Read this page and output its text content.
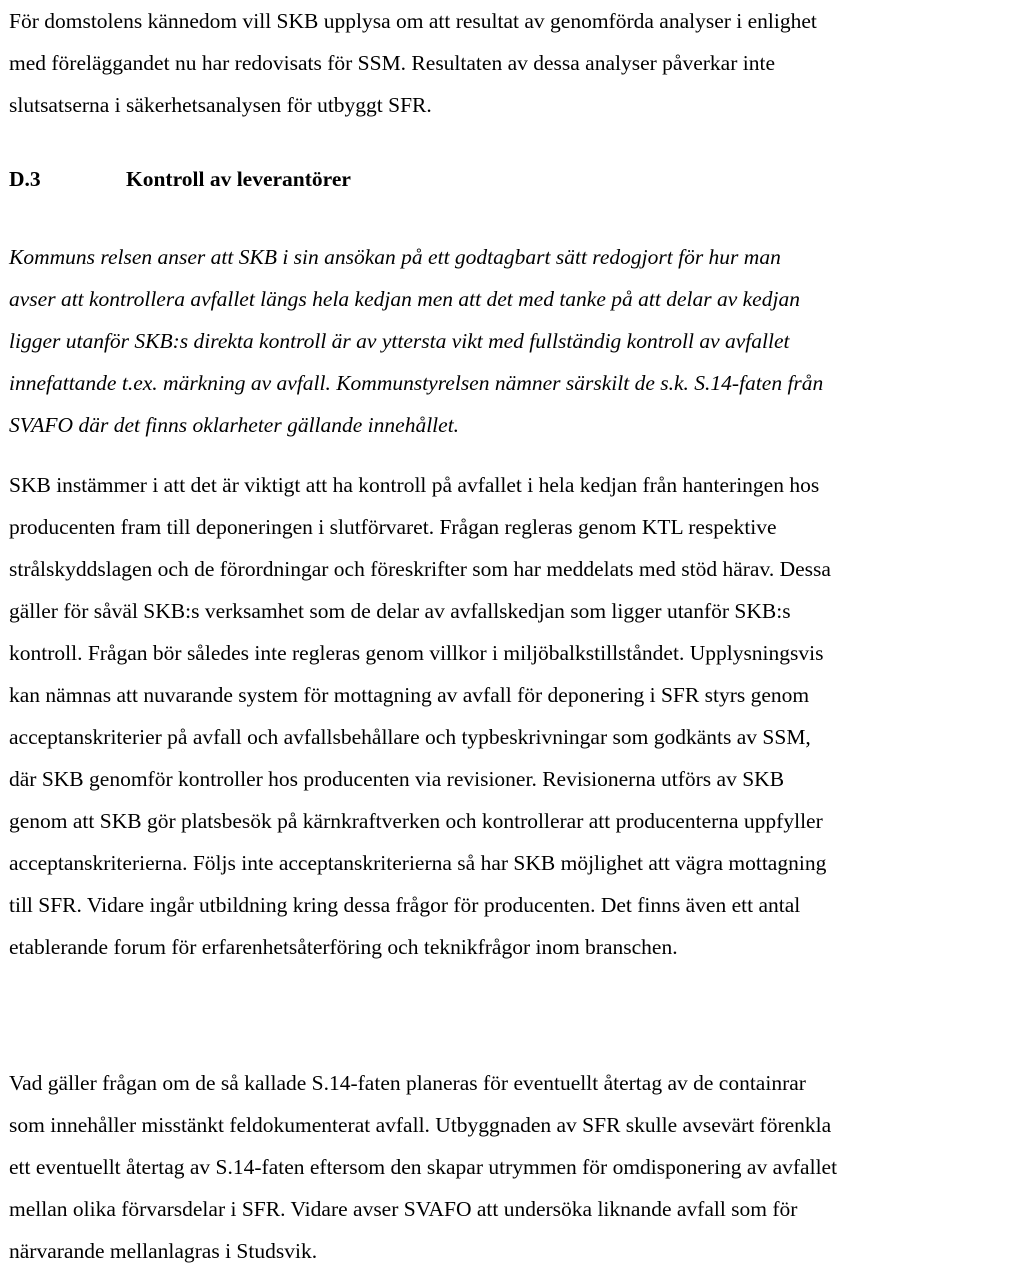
För domstolens kännedom vill SKB upplysa om att resultat av genomförda analyser i enlighet
med föreläggandet nu har redovisats för SSM. Resultaten av dessa analyser påverkar inte
slutsatserna i säkerhetsanalysen för utbyggt SFR.

D.3	Kontroll av leverantörer

Kommuns relsen anser att SKB i sin ansökan på ett godtagbart sätt redogjort för hur man
avser att kontrollera avfallet längs hela kedjan men att det med tanke på att delar av kedjan
ligger utanför SKB:s direkta kontroll är av yttersta vikt med fullständig kontroll av avfallet
innefattande t.ex. märkning av avfall. Kommunstyrelsen nämner särskilt de s.k. S.14-faten från
SVAFO där det finns oklarheter gällande innehållet.

SKB instämmer i att det är viktigt att ha kontroll på avfallet i hela kedjan från hanteringen hos
producenten fram till deponeringen i slutförvaret. Frågan regleras genom KTL respektive
strålskyddslagen och de förordningar och föreskrifter som har meddelats med stöd härav. Dessa
gäller för såväl SKB:s verksamhet som de delar av avfallskedjan som ligger utanför SKB:s
kontroll. Frågan bör således inte regleras genom villkor i miljöbalkstillståndet. Upplysningsvis
kan nämnas att nuvarande system för mottagning av avfall för deponering i SFR styrs genom
acceptanskriterier på avfall och avfallsbehållare och typbeskrivningar som godkänts av SSM,
där SKB genomför kontroller hos producenten via revisioner. Revisionerna utförs av SKB
genom att SKB gör platsbesök på kärnkraftverken och kontrollerar att producenterna uppfyller
acceptanskriterierna. Följs inte acceptanskriterierna så har SKB möjlighet att vägra mottagning
till SFR. Vidare ingår utbildning kring dessa frågor för producenten. Det finns även ett antal
etablerande forum för erfarenhetsåterföring och teknikfrågor inom branschen.

Vad gäller frågan om de så kallade S.14-faten planeras för eventuellt återtag av de containrar
som innehåller misstänkt feldokumenterat avfall. Utbyggnaden av SFR skulle avsevärt förenkla
ett eventuellt återtag av S.14-faten eftersom den skapar utrymmen för omdisponering av avfallet
mellan olika förvarsdelar i SFR. Vidare avser SVAFO att undersöka liknande avfall som för
närvarande mellanlagras i Studsvik.
